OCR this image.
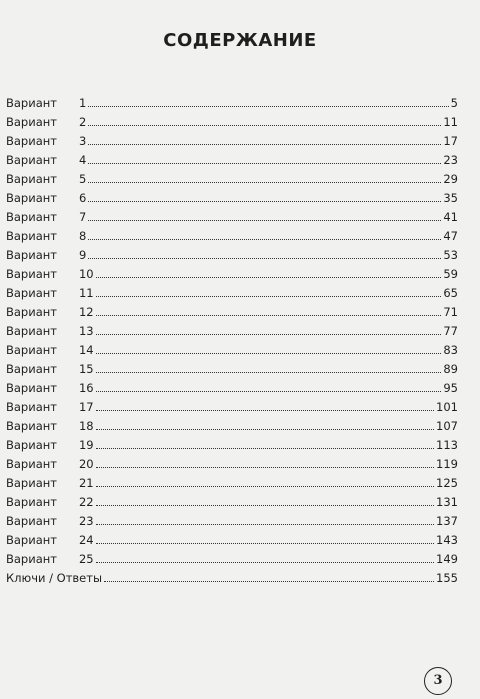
СОДЕРЖАНИЕ
Вариант 1	5
Вариант 2	11
Вариант 3	17
Вариант 4	23
Вариант 5	29
Вариант 6	35
Вариант 7	41
Вариант 8	47
Вариант 9	53
Вариант 10	59
Вариант 11	65
Вариант 12	71
Вариант 13	77
Вариант 14	83
Вариант 15	89
Вариант 16	95
Вариант 17	101
Вариант 18	107
Вариант 19	113
Вариант 20	119
Вариант 21	125
Вариант 22	131
Вариант 23	137
Вариант 24	143
Вариант 25	149
Ключи / Ответы	155
3
